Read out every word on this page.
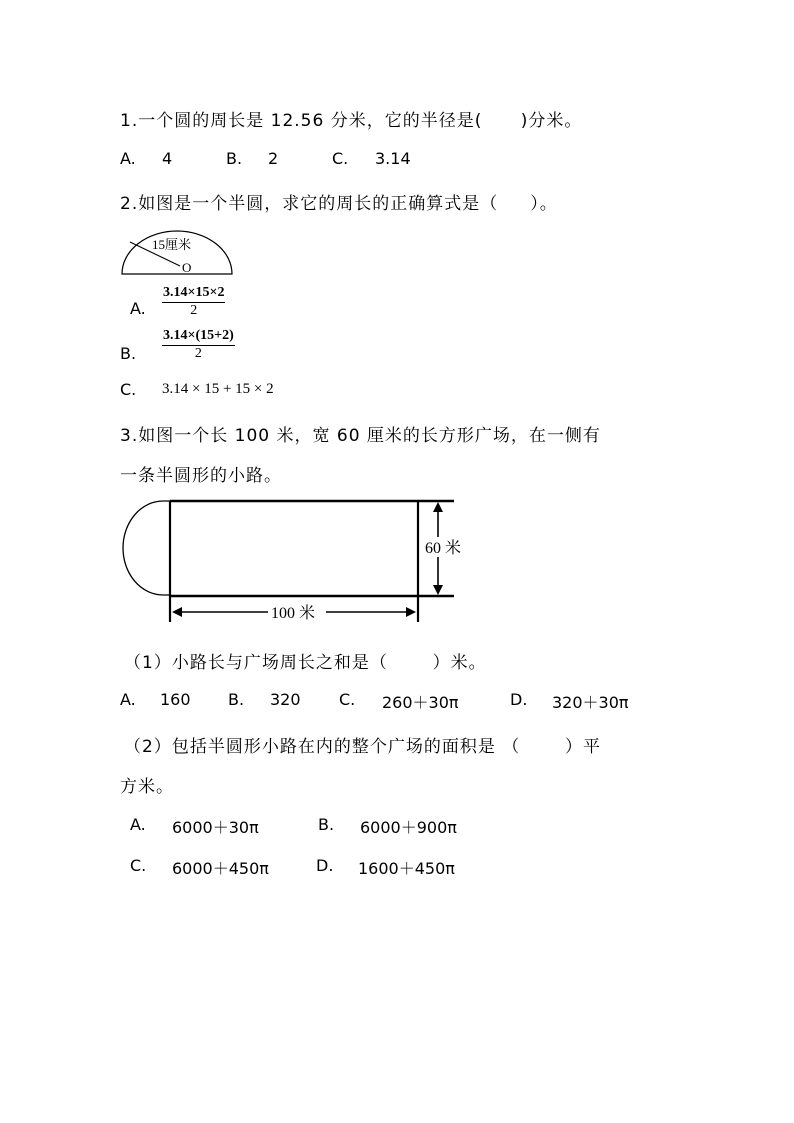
1.一个圆的周长是 12.56 分米，它的半径是(      )分米。
A. 4	B. 2	C. 3.14
2.如图是一个半圆，求它的周长的正确算式是（     ）。
15厘米
O
A. $\frac{3.14\times 15\times 2}{2}$
B. $\frac{3.14\times(15+2)}{2}$
C. 3.14 × 15 + 15 × 2
3.如图一个长 100 米，宽 60 厘米的长方形广场，在一侧有
一条半圆形的小路。
60 米
100 米
（1）小路长与广场周长之和是（       ）米。
A. 160 B. 320 C. 260＋30π	D. 320＋30π
（2）包括半圆形小路在内的整个广场的面积是 （       ）平
方米。
A. 6000＋30π	B. 6000＋900π
C. 6000＋450π	D. 1600＋450π
